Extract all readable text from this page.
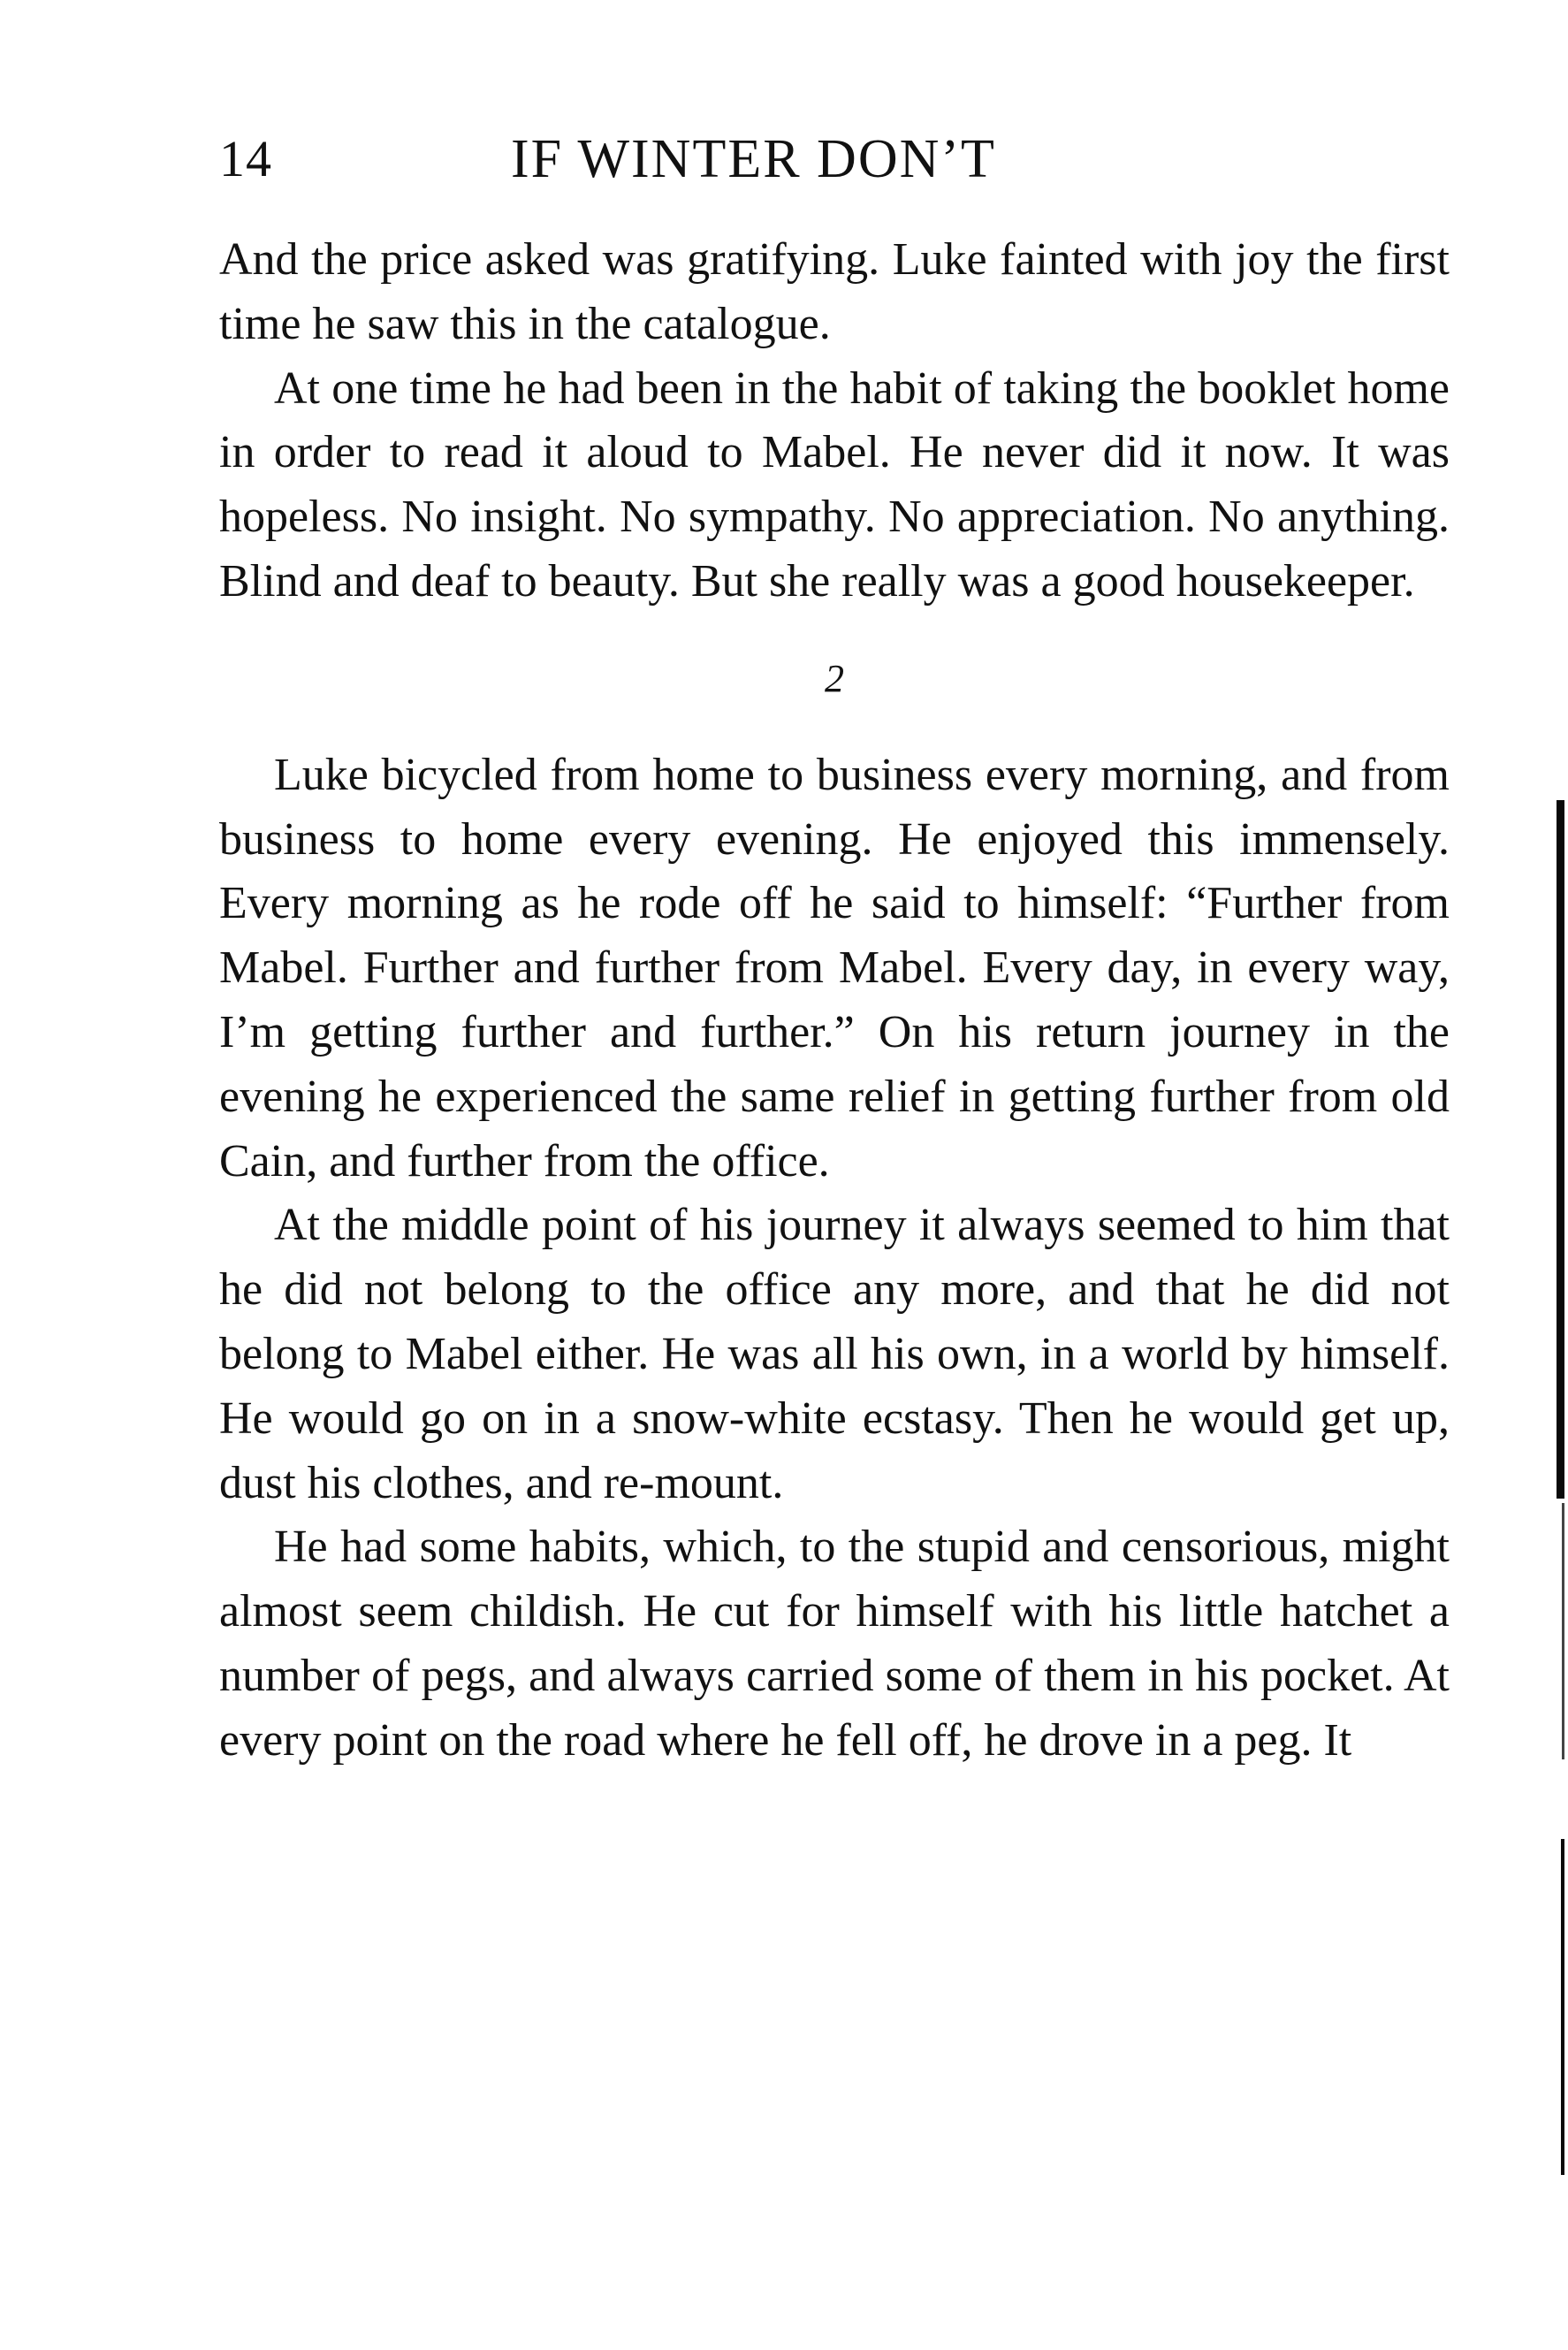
14	IF WINTER DON’T

And the price asked was gratifying. Luke fainted with joy the first time he saw this in the catalogue.

At one time he had been in the habit of taking the booklet home in order to read it aloud to Mabel. He never did it now. It was hopeless. No insight. No sympathy. No appreciation. No anything. Blind and deaf to beauty. But she really was a good housekeeper.

2

Luke bicycled from home to business every morning, and from business to home every evening. He enjoyed this immensely. Every morning as he rode off he said to himself: “Further from Mabel. Further and further from Mabel. Every day, in every way, I’m getting further and further.” On his return journey in the evening he experienced the same relief in getting further from old Cain, and further from the office.

At the middle point of his journey it always seemed to him that he did not belong to the office any more, and that he did not belong to Mabel either. He was all his own, in a world by himself. He would go on in a snow-white ecstasy. Then he would get up, dust his clothes, and re-mount.

He had some habits, which, to the stupid and censorious, might almost seem childish. He cut for himself with his little hatchet a number of pegs, and always carried some of them in his pocket. At every point on the road where he fell off, he drove in a peg. It
